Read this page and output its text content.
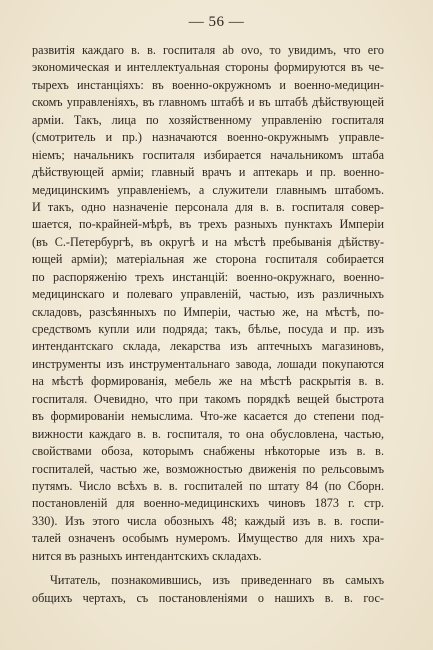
— 56 —
развитія каждаго в. в. госпиталя аb ovo, то увидимъ, что его
экономическая и интеллектуальная стороны формируются въ че-
тырехъ инстанціяхъ: въ военно-окружномъ и военно-медицин-
скомъ управленіяхъ, въ главномъ штабѣ и въ штабѣ дѣйствующей
арміи. Такъ, лица по хозяйственному управленію госпиталя
(смотритель и пр.) назначаются военно-окружнымъ управле-
ніемъ; начальникъ госпиталя избирается начальникомъ штаба
дѣйствующей арміи; главный врачъ и аптекарь и пр. военно-
медицинскимъ управленіемъ, а служители главнымъ штабомъ.
И такъ, одно назначеніе персонала для в. в. госпиталя совер-
шается, по-крайней-мѣрѣ, въ трехъ разныхъ пунктахъ Имперіи
(въ С.-Петербургѣ, въ округѣ и на мѣстѣ пребыванія дѣйству-
ющей арміи); матеріальная же сторона госпиталя собирается
по распоряженію трехъ инстанцій: военно-окружнаго, военно-
медицинскаго и полеваго управленій, частью, изъ различныхъ
складовъ, разсѣянныхъ по Имперіи, частью же, на мѣстѣ, по-
средствомъ купли или подряда; такъ, бѣлье, посуда и пр. изъ
интендантскаго склада, лекарства изъ аптечныхъ магазиновъ,
инструменты изъ инструментальнаго завода, лошади покупаются
на мѣстѣ формированія, мебель же на мѣстѣ раскрытія в. в.
госпиталя. Очевидно, что при такомъ порядкѣ вещей быстрота
въ формированіи немыслима. Что-же касается до степени под-
вижности каждаго в. в. госпиталя, то она обусловлена, частью,
свойствами обоза, которымъ снабжены нѣкоторые изъ в. в.
госпиталей, частью же, возможностью движенія по рельсовымъ
путямъ. Число всѣхъ в. в. госпиталей по штату 84 (по Сборн.
постановленій для военно-медицинскихъ чиновъ 1873 г. стр.
330). Изъ этого числа обозныхъ 48; каждый изъ в. в. госпи-
талей означенъ особымъ нумеромъ. Имущество для нихъ хра-
нится въ разныхъ интендантскихъ складахъ.
Читатель, познакомившись, изъ приведеннаго въ самыхъ
общихъ чертахъ, съ постановленіями о нашихъ в. в. гос-
